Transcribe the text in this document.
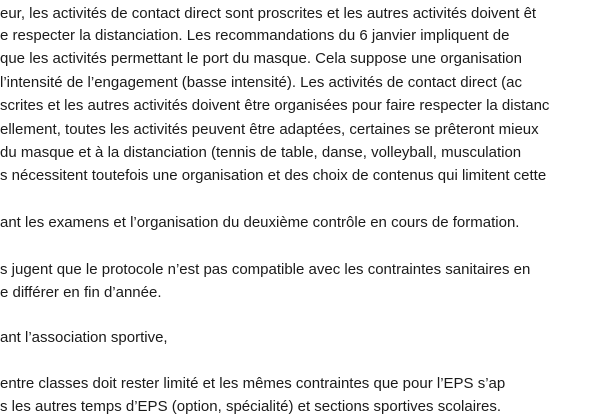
eur, les activités de contact direct sont proscrites et les autres activités doivent êt
e respecter la distanciation. Les recommandations du 6 janvier impliquent de
que les activités permettant le port du masque. Cela suppose une organisation
l’intensité de l’engagement (basse intensité). Les activités de contact direct (ac
scrites et les autres activités doivent être organisées pour faire respecter la distanc
ellement, toutes les activités peuvent être adaptées, certaines se prêteront mieux
du masque et à la distanciation (tennis de table, danse, volleyball, musculation
s nécessitent toutefois une organisation et des choix de contenus qui limitent cette
ant les examens et l’organisation du deuxième contrôle en cours de formation.
s jugent que le protocole n’est pas compatible avec les contraintes sanitaires en
e différer en fin d’année.
ant l’association sportive,
entre classes doit rester limité et les mêmes contraintes que pour l’EPS s’ap
s les autres temps d’EPS (option, spécialité) et sections sportives scolaires.
